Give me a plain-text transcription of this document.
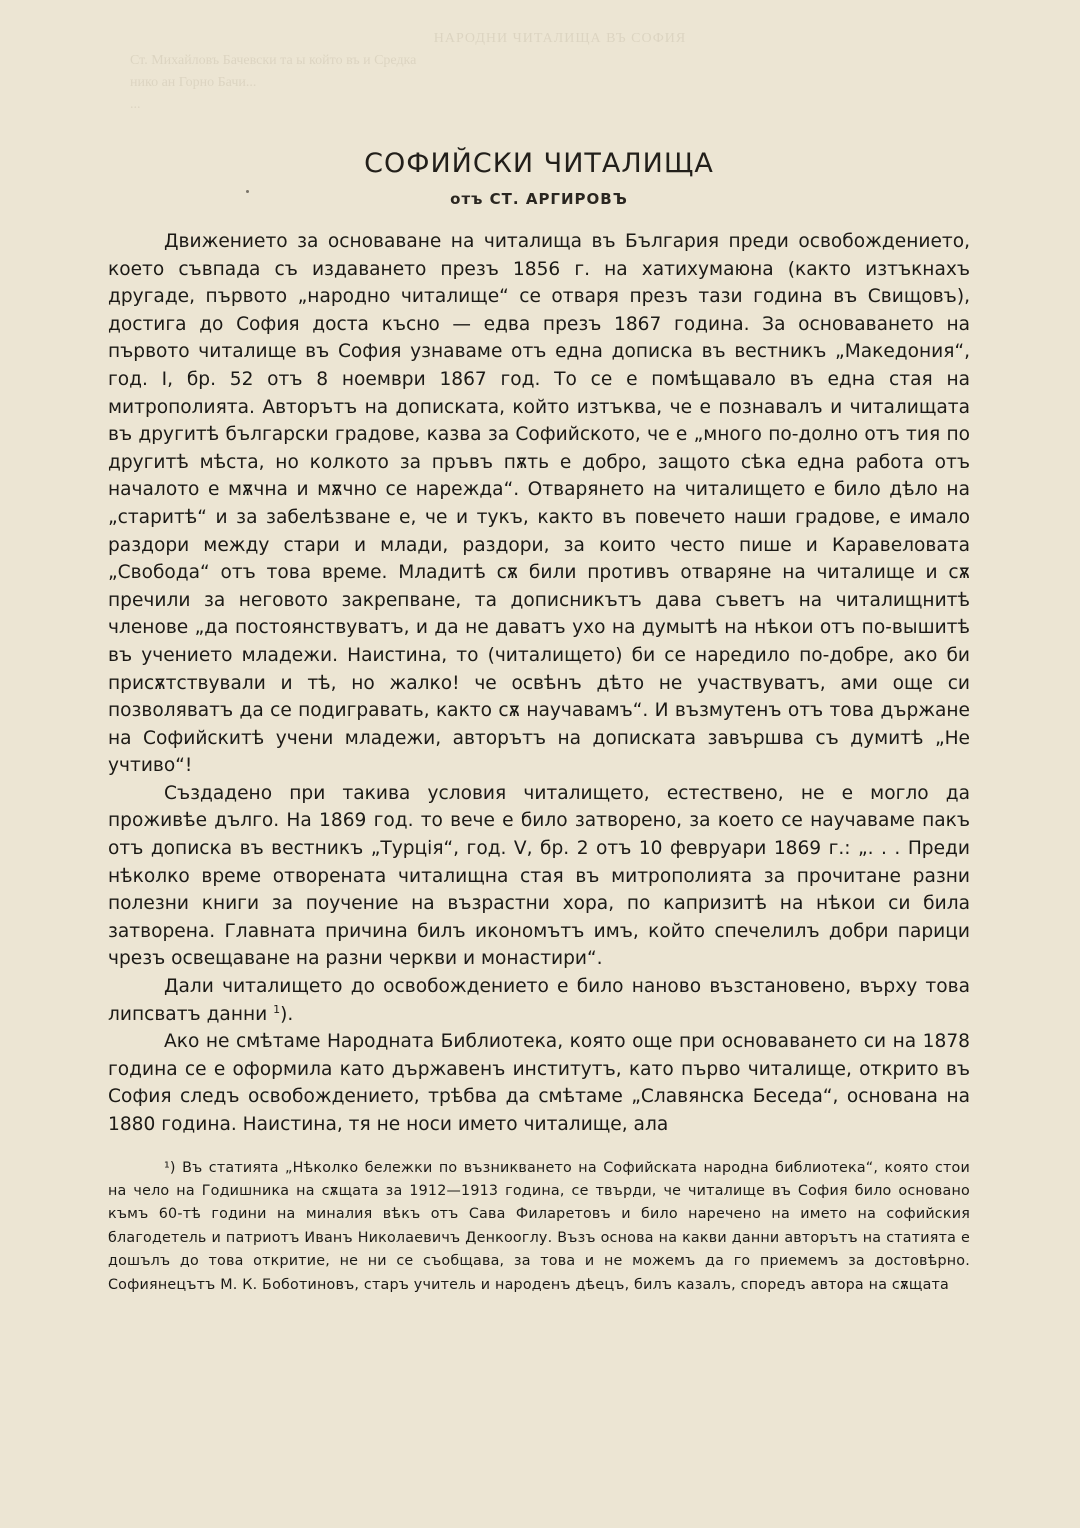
НАРОДНИ ЧИТАЛИЩА ВЪ СОФИЯ
Ст. Михайловъ Бачевски та ы който въ и Средка
нико ан Горно Бачи...
...
СОФИЙСКИ ЧИТАЛИЩА
отъ СТ. АРГИРОВЪ

Движението за основаване на читалища въ България преди освобождението, което съвпада съ издаването презъ 1856 г. на хатихумаюна (както изтъкнахъ другаде, първото „народно читалище“ се отваря презъ тази година въ Свищовъ), достига до София доста късно — едва презъ 1867 година. За основаването на първото читалище въ София узнаваме отъ една дописка въ вестникъ „Македония“, год. I, бр. 52 отъ 8 ноември 1867 год. То се е помѣщавало въ една стая на митрополията. Авторътъ на дописката, който изтъква, че е познавалъ и читалищата въ другитѣ български градове, казва за Софийското, че е „много по-долно отъ тия по другитѣ мѣста, но колкото за пръвъ пѫть е добро, защото сѣка една работа отъ началото е мѫчна и мѫчно се нарежда“. Отварянето на читалището е било дѣло на „старитѣ“ и за забелѣзване е, че и тукъ, както въ повечето наши градове, е имало раздори между стари и млади, раздори, за които често пише и Каравеловата „Свобода“ отъ това време. Младитѣ сѫ били противъ отваряне на читалище и сѫ пречили за неговото закрепване, та дописникътъ дава съветъ на читалищнитѣ членове „да постоянствуватъ, и да не даватъ ухо на думытѣ на нѣкои отъ по-вышитѣ въ учението младежи. Наистина, то (читалището) би се наредило по-добре, ако би присѫтствували и тѣ, но жалко! че освѣнъ дѣто не участвуватъ, ами още си позволяватъ да се подигравать, както сѫ научавамъ“. И възмутенъ отъ това държане на Софийскитѣ учени младежи, авторътъ на дописката завършва съ думитѣ „Не учтиво“!

Създадено при такива условия читалището, естествено, не е могло да проживѣе дълго. На 1869 год. то вече е било затворено, за което се научаваме пакъ отъ дописка въ вестникъ „Турція“, год. V, бр. 2 отъ 10 февруари 1869 г.: „. . . Преди нѣколко време отворената читалищна стая въ митрополията за прочитане разни полезни книги за поучение на възрастни хора, по капризитѣ на нѣкои си била затворена. Главната причина билъ икономътъ имъ, който спечелилъ добри парици чрезъ освещаване на разни черкви и монастири“.

Дали читалището до освобождението е било наново възстановено, върху това липсватъ данни $^1$).

Ако не смѣтаме Народната Библиотека, която още при основаването си на 1878 година се е оформила като държавенъ институтъ, като първо читалище, открито въ София следъ освобождението, трѣбва да смѣтаме „Славянска Беседа“, основана на 1880 година. Наистина, тя не носи името читалище, ала

¹) Въ статията „Нѣколко бележки по възникването на Софийската народна библиотека“, която стои на чело на Годишника на сѫщата за 1912—1913 година, се твърди, че читалище въ София било основано къмъ 60-тѣ години на миналия вѣкъ отъ Сава Филаретовъ и било наречено на името на софийския благодетель и патриотъ Иванъ Николаевичъ Денкооглу. Възъ основа на какви данни авторътъ на статията е дошълъ до това откритие, не ни се съобщава, за това и не можемъ да го приемемъ за достовѣрно. Софиянецътъ М. К. Боботиновъ, старъ учитель и народенъ дѣецъ, билъ казалъ, споредъ автора на сѫщата
